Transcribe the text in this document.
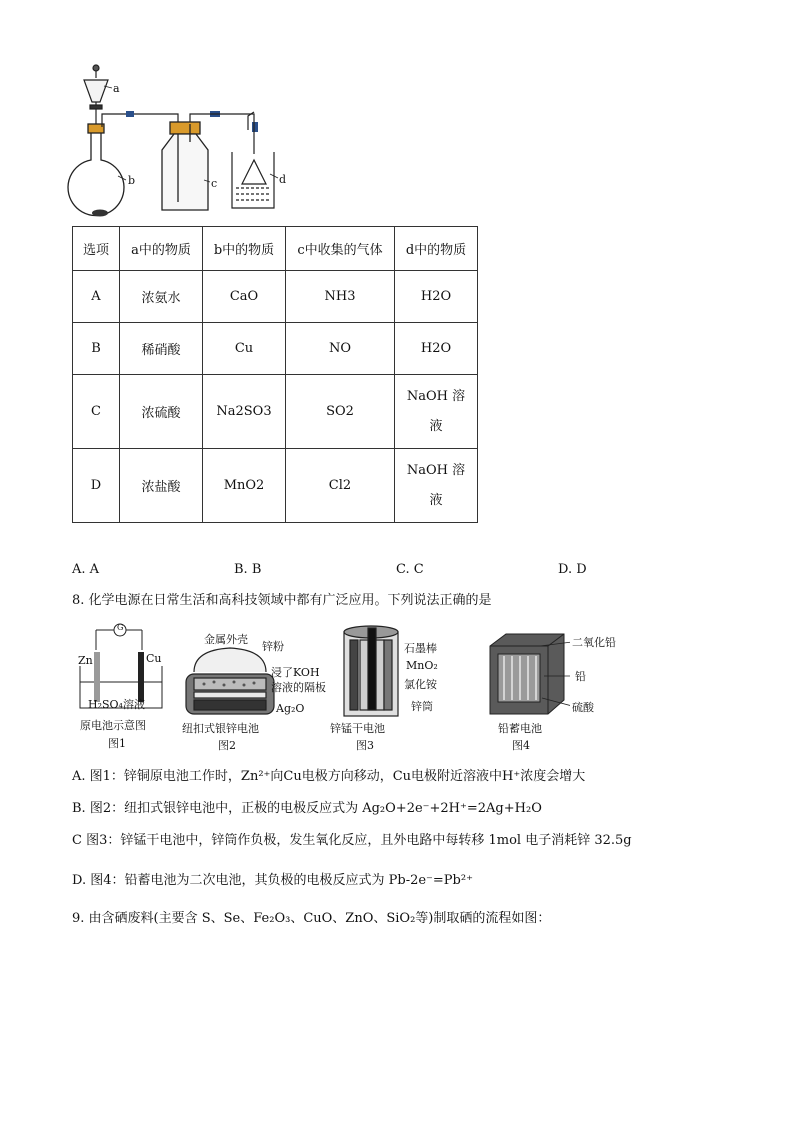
a
b	c	d
选项	a中的物质	b中的物质	c中收集的气体	d中的物质
A	浓氨水	CaO	NH3	H2O
B	稀硝酸	Cu	NO	H2O
C	浓硫酸	Na2SO3	SO2	NaOH 溶
液

D	浓盐酸	MnO2	Cl2	NaOH 溶
液
A. A	B. B	C. C	D. D
8. 化学电源在日常生活和高科技领域中都有广泛应用。下列说法正确的是
G
Zn	Cu
H₂SO₄溶液
原电池示意图
图1
金属外壳
锌粉
浸了KOH
溶液的隔板
Ag₂O
纽扣式银锌电池
图2
石墨棒
MnO₂
氯化铵
锌筒
锌锰干电池
图3
二氧化铅
铅
硫酸
铅蓄电池
图4
A. 图1：锌铜原电池工作时，Zn²⁺向Cu电极方向移动，Cu电极附近溶液中H⁺浓度会增大
B. 图2：纽扣式银锌电池中，正极的电极反应式为 Ag₂O+2e⁻+2H⁺=2Ag+H₂O
C 图3：锌锰干电池中，锌筒作负极，发生氧化反应，且外电路中每转移 1mol 电子消耗锌 32.5g
D. 图4：铅蓄电池为二次电池，其负极的电极反应式为 Pb-2e⁻=Pb²⁺
9. 由含硒废料(主要含 S、Se、Fe₂O₃、CuO、ZnO、SiO₂等)制取硒的流程如图：
